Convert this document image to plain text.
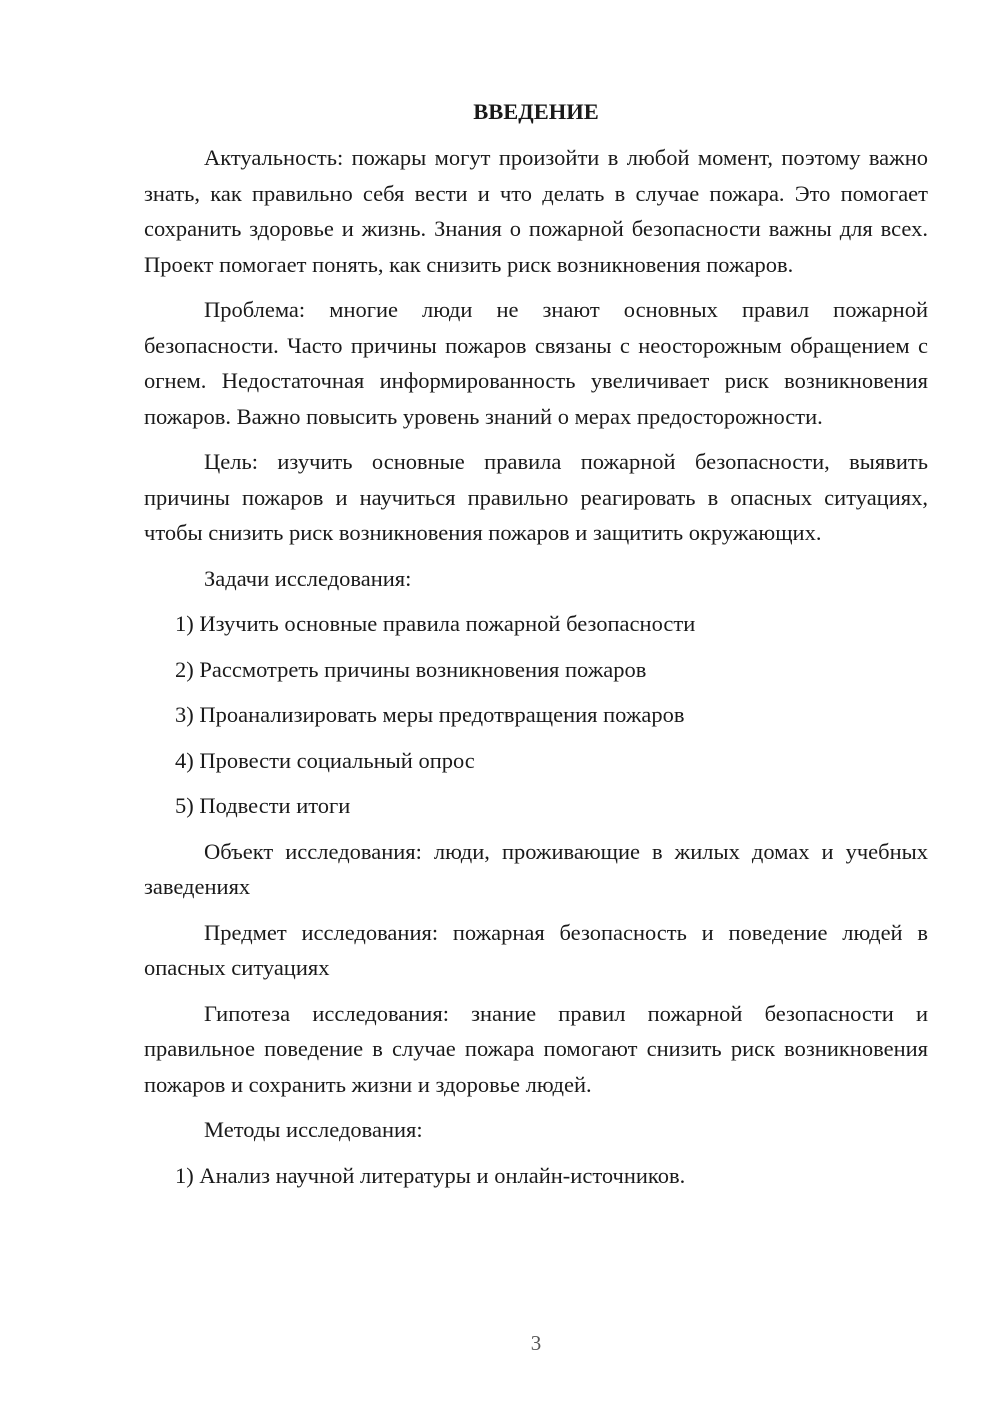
ВВЕДЕНИЕ
Актуальность: пожары могут произойти в любой момент, поэтому важно знать, как правильно себя вести и что делать в случае пожара. Это помогает сохранить здоровье и жизнь. Знания о пожарной безопасности важны для всех. Проект помогает понять, как снизить риск возникновения пожаров.
Проблема: многие люди не знают основных правил пожарной безопасности. Часто причины пожаров связаны с неосторожным обращением с огнем. Недостаточная информированность увеличивает риск возникновения пожаров. Важно повысить уровень знаний о мерах предосторожности.
Цель: изучить основные правила пожарной безопасности, выявить причины пожаров и научиться правильно реагировать в опасных ситуациях, чтобы снизить риск возникновения пожаров и защитить окружающих.
Задачи исследования:
1) Изучить основные правила пожарной безопасности
2) Рассмотреть причины возникновения пожаров
3) Проанализировать меры предотвращения пожаров
4) Провести социальный опрос
5) Подвести итоги
Объект исследования: люди, проживающие в жилых домах и учебных заведениях
Предмет исследования: пожарная безопасность и поведение людей в опасных ситуациях
Гипотеза исследования: знание правил пожарной безопасности и правильное поведение в случае пожара помогают снизить риск возникновения пожаров и сохранить жизни и здоровье людей.
Методы исследования:
1) Анализ научной литературы и онлайн-источников.
3
